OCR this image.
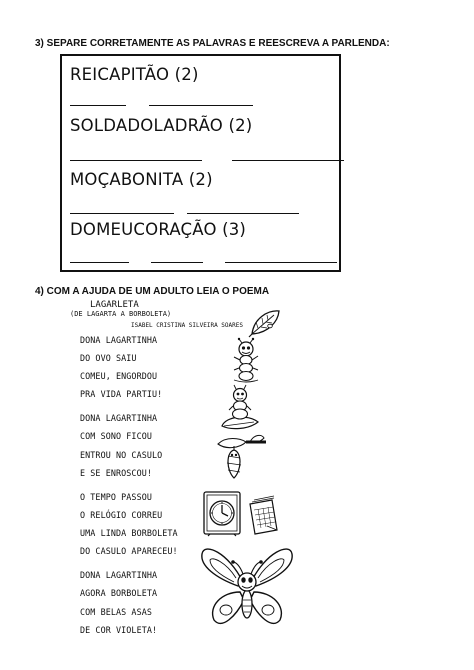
3) SEPARE CORRETAMENTE AS PALAVRAS E REESCREVA A PARLENDA:
REICAPITÃO (2)
SOLDADOLADRÃO (2)
MOÇABONITA (2)
DOMEUCORAÇÃO (3)
4) COM A AJUDA DE UM ADULTO LEIA O POEMA
LAGARLETA
(DE LAGARTA A BORBOLETA)
ISABEL CRISTINA SILVEIRA SOARES
DONA LAGARTINHA
DO OVO SAIU
COMEU, ENGORDOU
PRA VIDA PARTIU!
DONA LAGARTINHA
COM SONO FICOU
ENTROU NO CASULO
E SE ENROSCOU!
O TEMPO PASSOU
O RELÓGIO CORREU
UMA LINDA BORBOLETA
DO CASULO APARECEU!
DONA LAGARTINHA
AGORA BORBOLETA
COM BELAS ASAS
DE COR VIOLETA!
